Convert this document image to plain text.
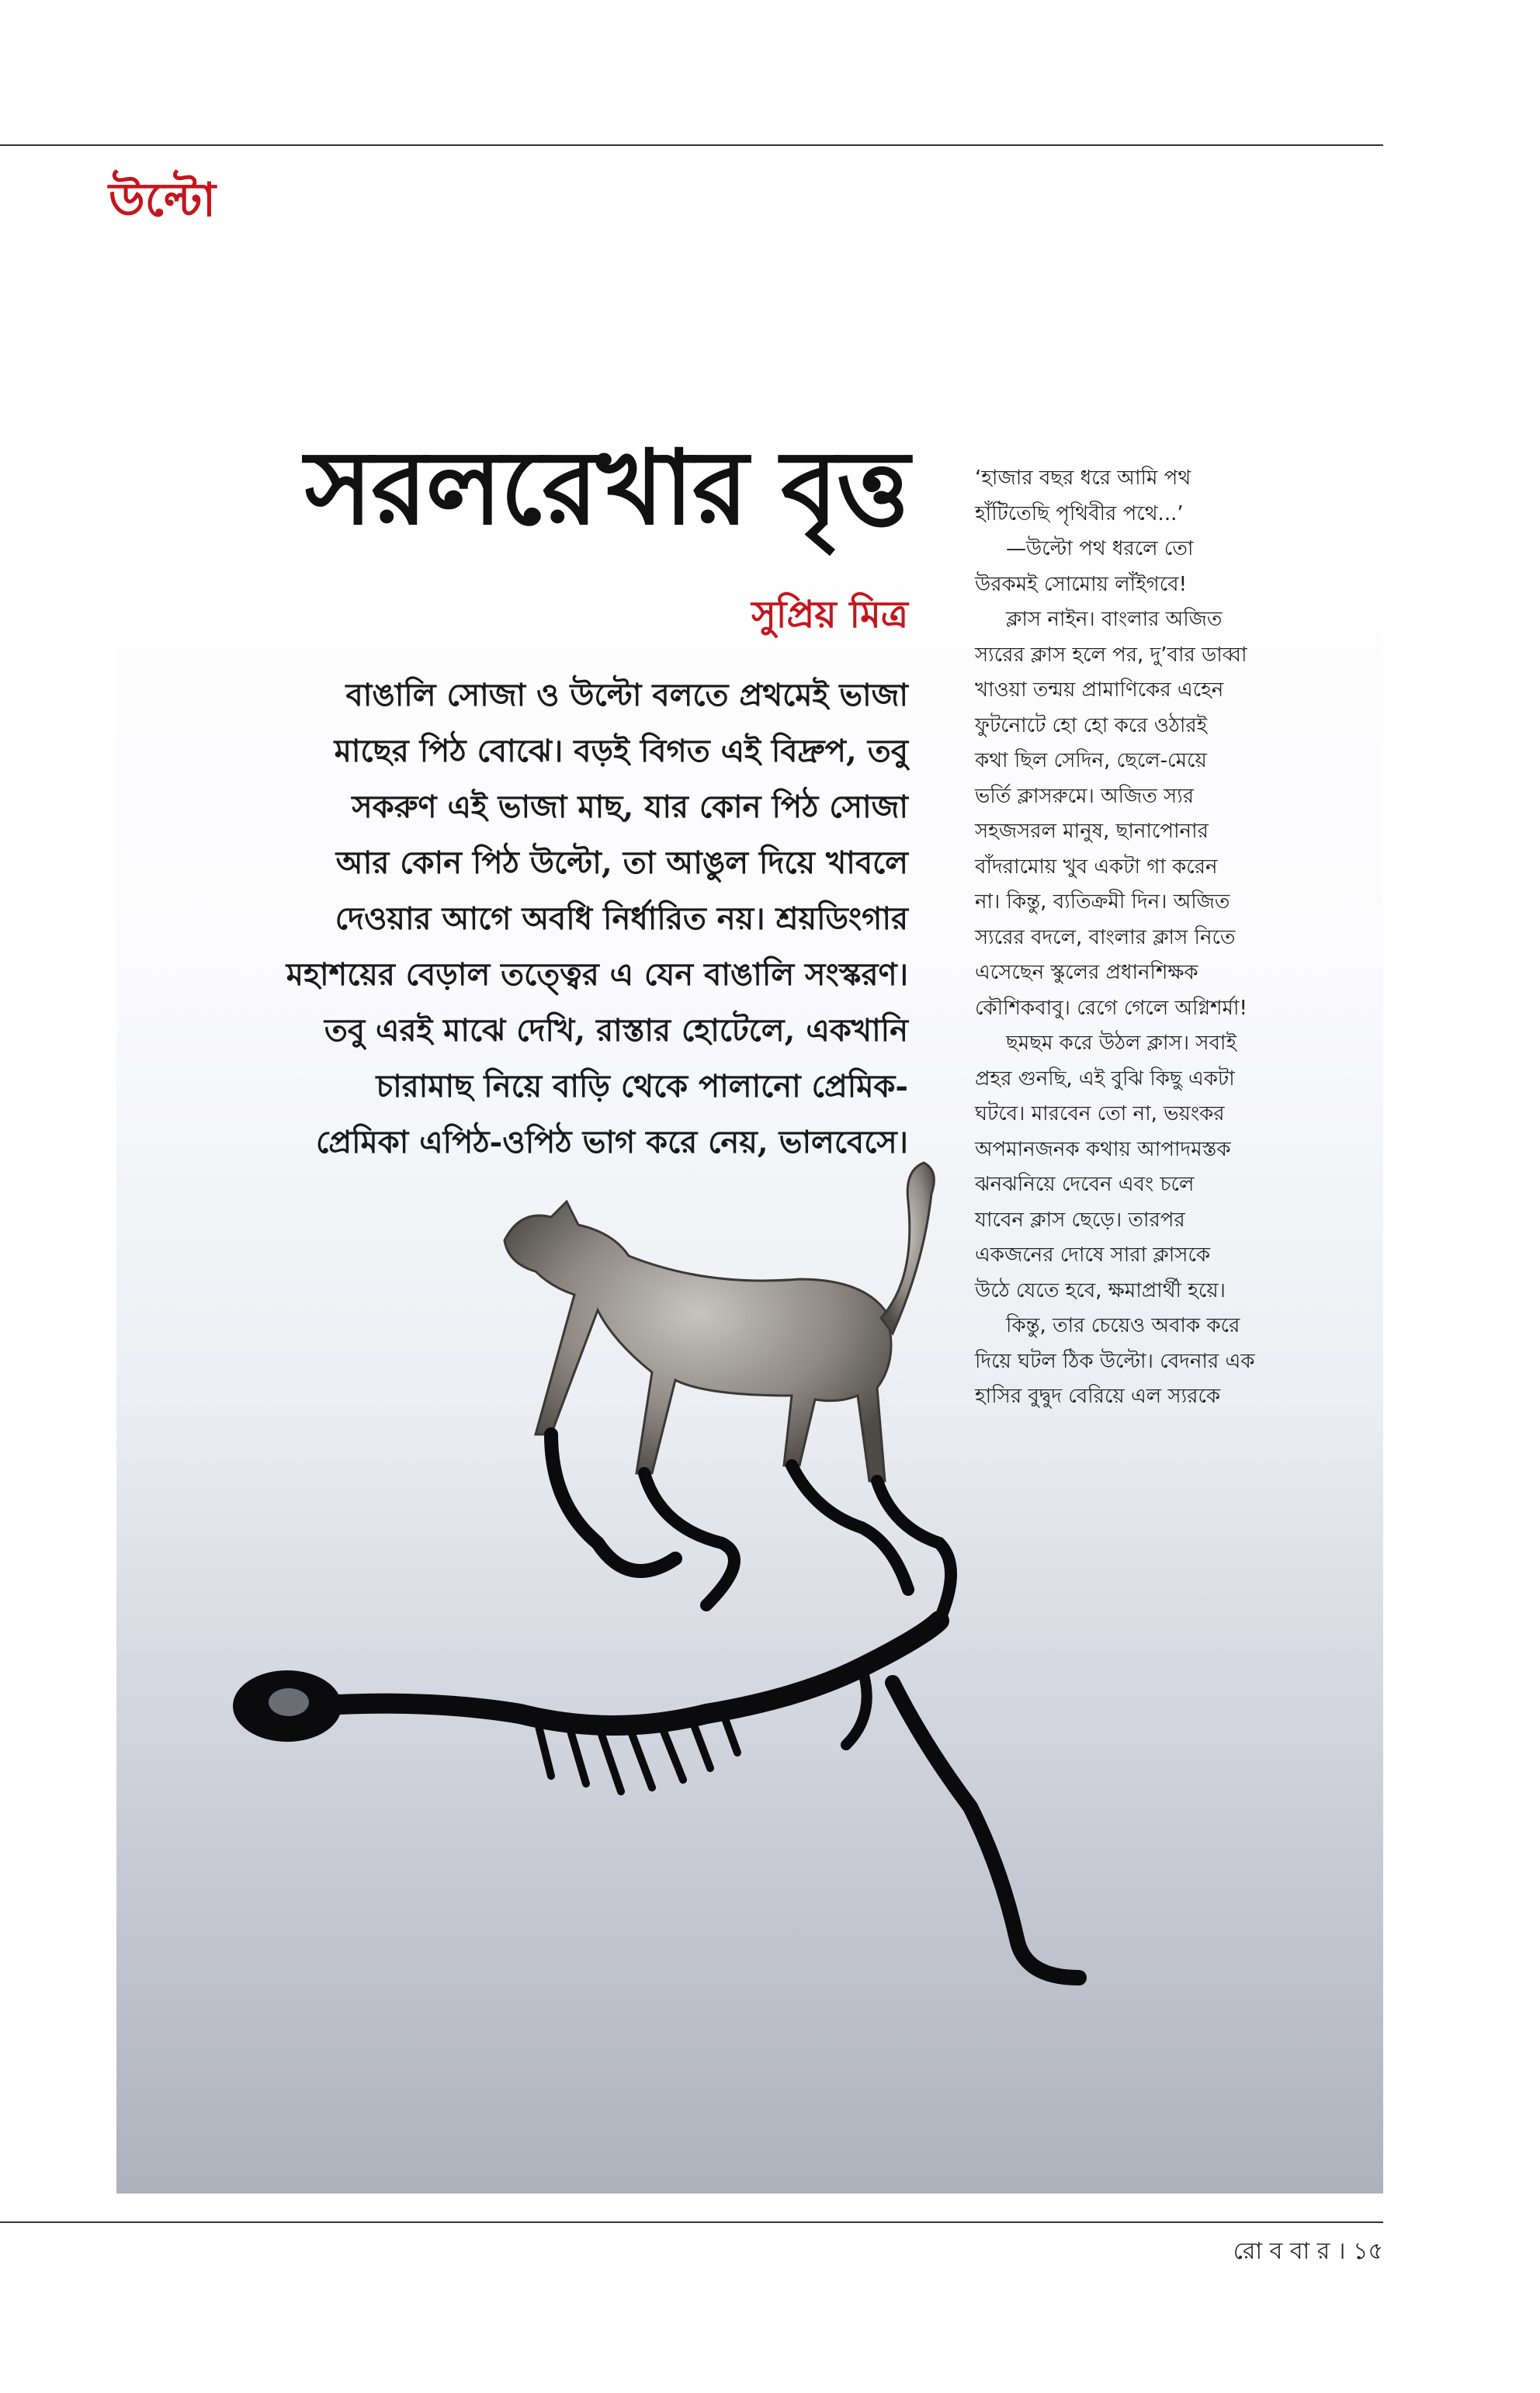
উল্টো
সরলরেখার বৃত্ত
সুপ্রিয় মিত্র
বাঙালি সোজা ও উল্টো বলতে প্রথমেই ভাজা
মাছের পিঠ বোঝে। বড়ই বিগত এই বিদ্রুপ, তবু
সকরুণ এই ভাজা মাছ, যার কোন পিঠ সোজা
আর কোন পিঠ উল্টো, তা আঙুল দিয়ে খাবলে
দেওয়ার আগে অবধি নির্ধারিত নয়। শ্রয়ডিংগার
মহাশয়ের বেড়াল তত্ত্বের এ যেন বাঙালি সংস্করণ।
তবু এরই মাঝে দেখি, রাস্তার হোটেলে, একখানি
চারামাছ নিয়ে বাড়ি থেকে পালানো প্রেমিক-
প্রেমিকা এপিঠ-ওপিঠ ভাগ করে নেয়, ভালবেসে।
‘হাজার বছর ধরে আমি পথ
হাঁটিতেছি পৃথিবীর পথে...’
—উল্টো পথ ধরলে তো
উরকমই সোমোয় লাঁইগবে!
ক্লাস নাইন। বাংলার অজিত
স্যরের ক্লাস হলে পর, দু’বার ডাব্বা
খাওয়া তন্ময় প্রামাণিকের এহেন
ফুটনোটে হো হো করে ওঠারই
কথা ছিল সেদিন, ছেলে-মেয়ে
ভর্তি ক্লাসরুমে। অজিত স্যর
সহজসরল মানুষ, ছানাপোনার
বাঁদরামোয় খুব একটা গা করেন
না। কিন্তু, ব্যতিক্রমী দিন। অজিত
স্যরের বদলে, বাংলার ক্লাস নিতে
এসেছেন স্কুলের প্রধানশিক্ষক
কৌশিকবাবু। রেগে গেলে অগ্নিশর্মা!
ছমছম করে উঠল ক্লাস। সবাই
প্রহর গুনছি, এই বুঝি কিছু একটা
ঘটবে। মারবেন তো না, ভয়ংকর
অপমানজনক কথায় আপাদমস্তক
ঝনঝনিয়ে দেবেন এবং চলে
যাবেন ক্লাস ছেড়ে। তারপর
একজনের দোষে সারা ক্লাসকে
উঠে যেতে হবে, ক্ষমাপ্রার্থী হয়ে।
কিন্তু, তার চেয়েও অবাক করে
দিয়ে ঘটল ঠিক উল্টো। বেদনার এক
হাসির বুদ্বুদ বেরিয়ে এল স্যরকে
রো ব বা র । ১৫
